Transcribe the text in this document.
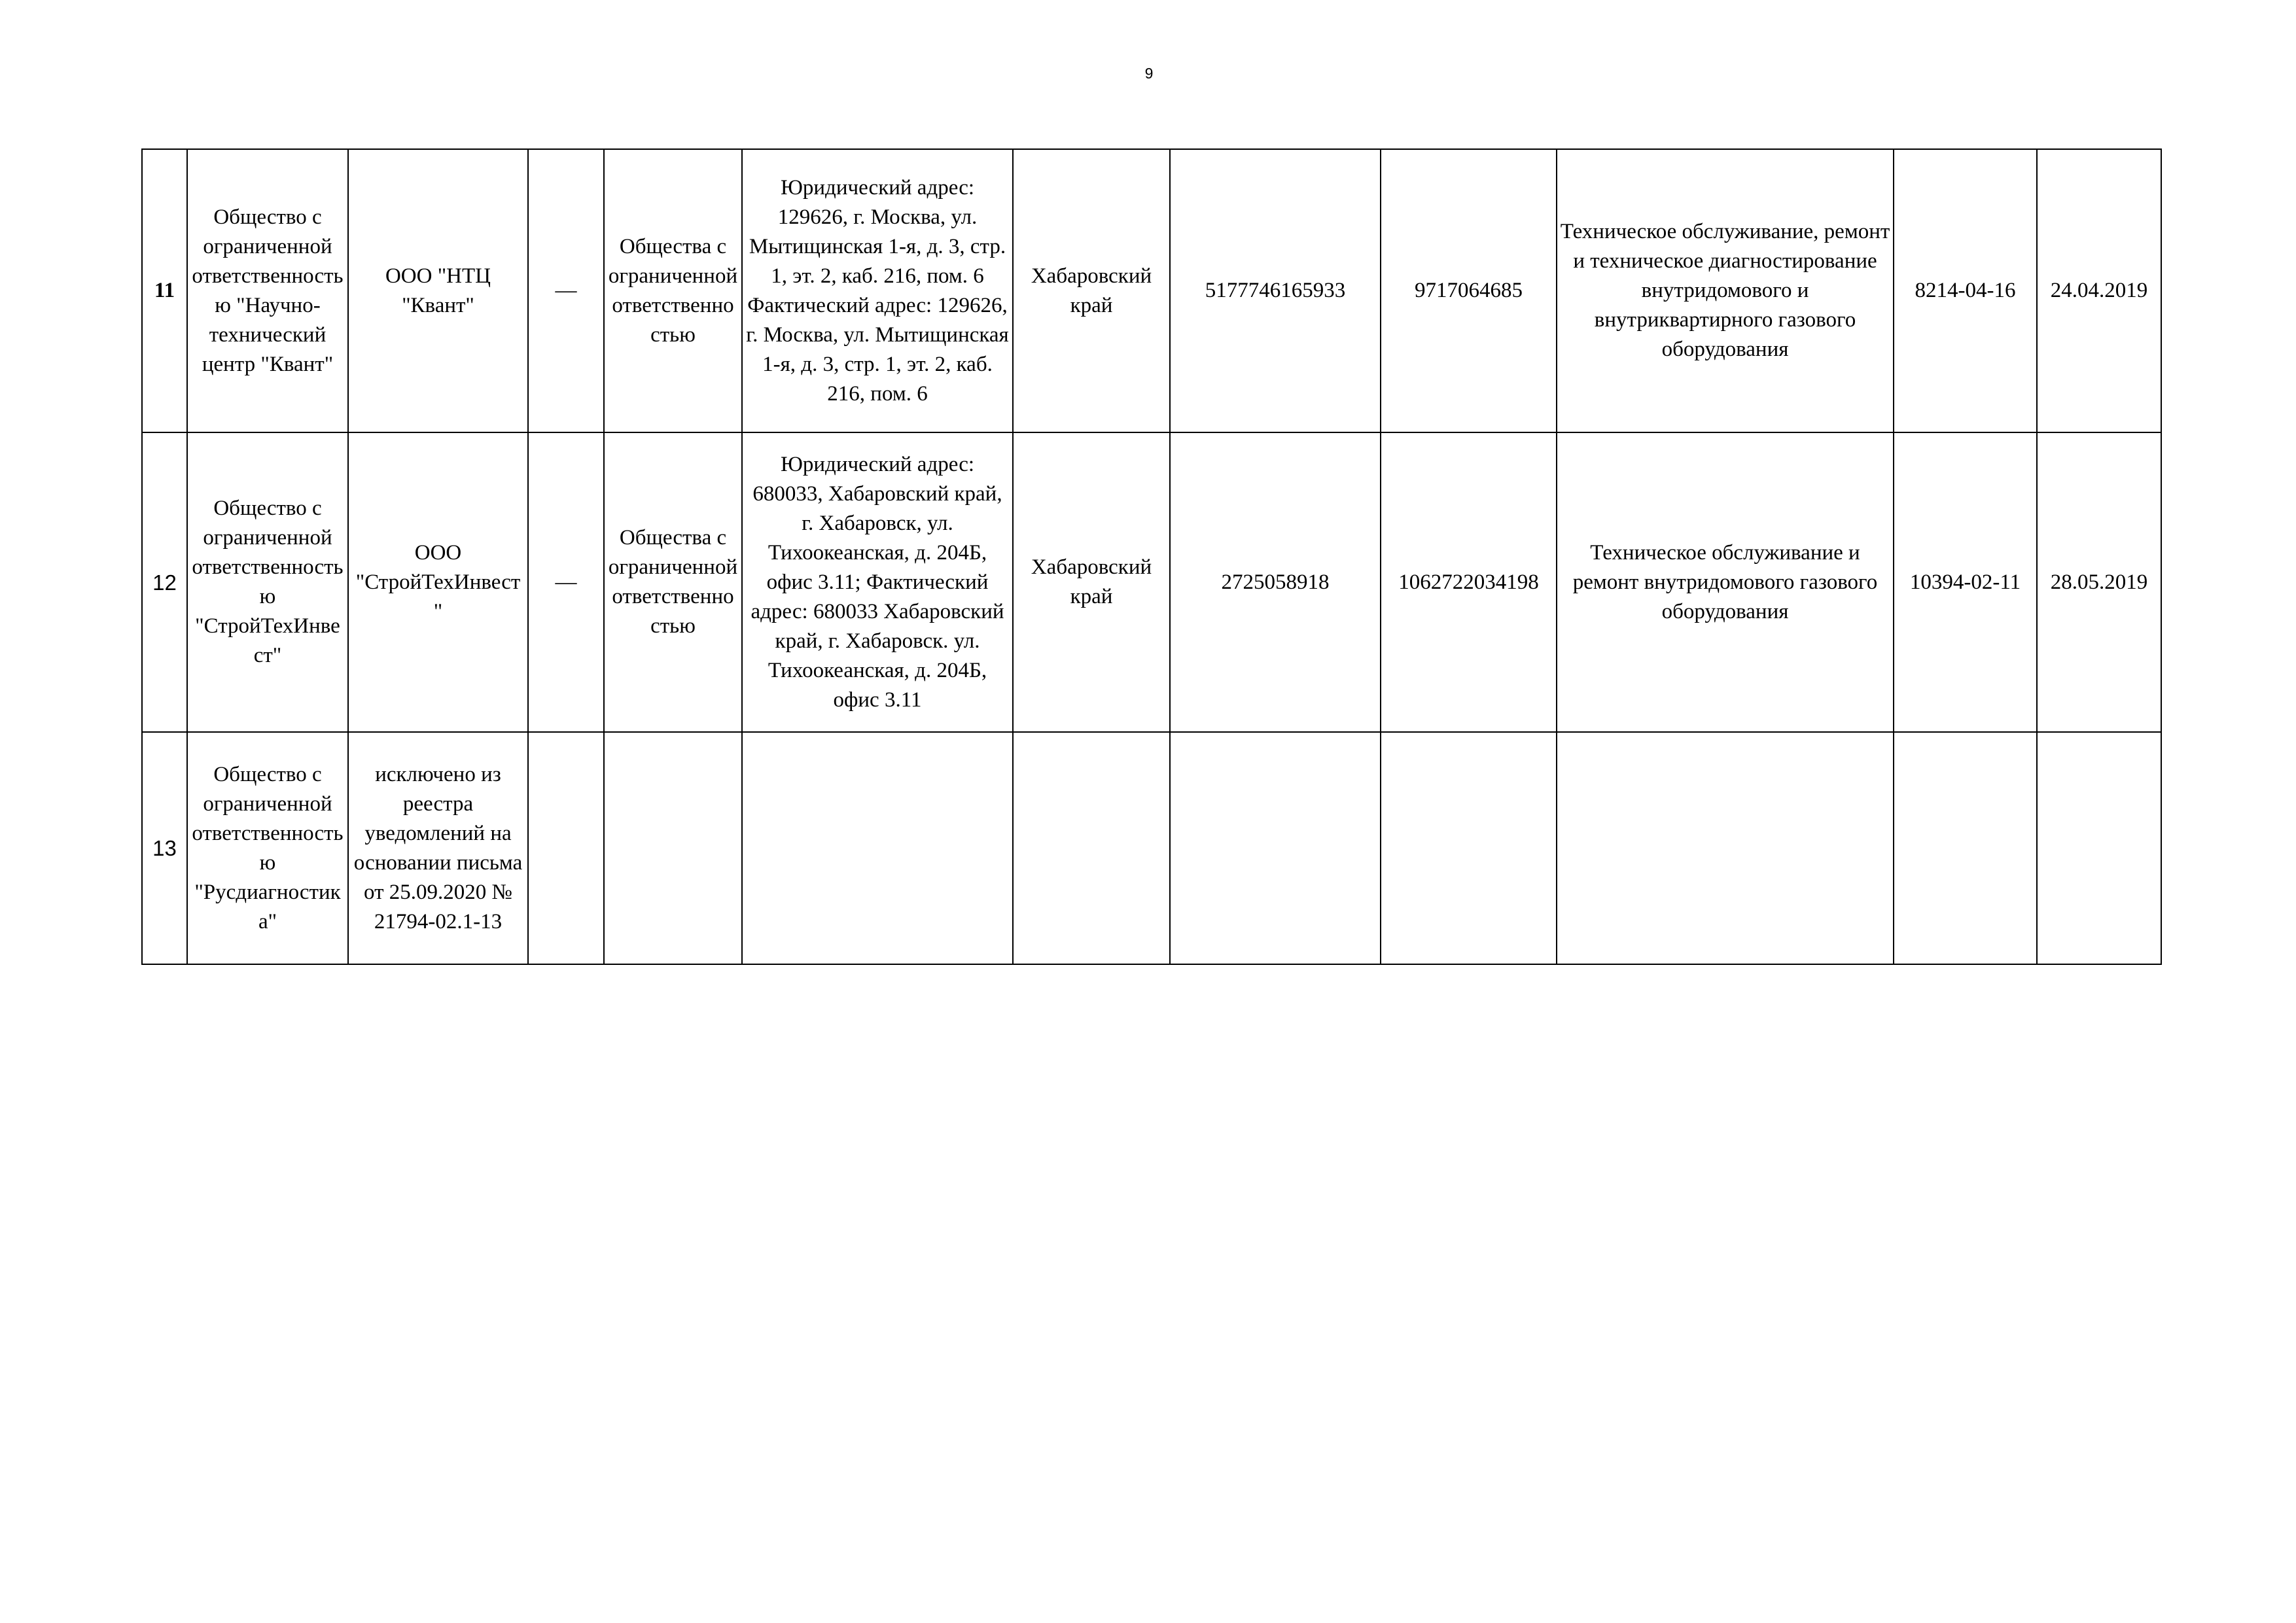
9
11	Общество с ограниченной ответственностью "Научно-технический центр "Квант"	ООО "НТЦ "Квант"	—	Общества с ограниченной ответственностью	Юридический адрес: 129626, г. Москва, ул. Мытищинская 1-я, д. 3, стр. 1, эт. 2, каб. 216, пом. 6 Фактический адрес: 129626, г. Москва, ул. Мытищинская 1-я, д. 3, стр. 1, эт. 2, каб. 216, пом. 6	Хабаровский край	5177746165933	9717064685	Техническое обслуживание, ремонт и техническое диагностирование внутридомового и внутриквартирного газового оборудования	8214-04-16	24.04.2019
12	Общество с ограниченной ответственностью "СтройТехИнвест"	ООО "СтройТехИнвест"	—	Общества с ограниченной ответственностью	Юридический адрес: 680033, Хабаровский край, г. Хабаровск, ул. Тихоокеанская, д. 204Б, офис 3.11; Фактический адрес: 680033 Хабаровский край, г. Хабаровск. ул. Тихоокеанская, д. 204Б, офис 3.11	Хабаровский край	2725058918	1062722034198	Техническое обслуживание и ремонт внутридомового газового оборудования	10394-02-11	28.05.2019
13	Общество с ограниченной ответственностью "Русдиагностика"	исключено из реестра уведомлений на основании письма от 25.09.2020 № 21794-02.1-13			
